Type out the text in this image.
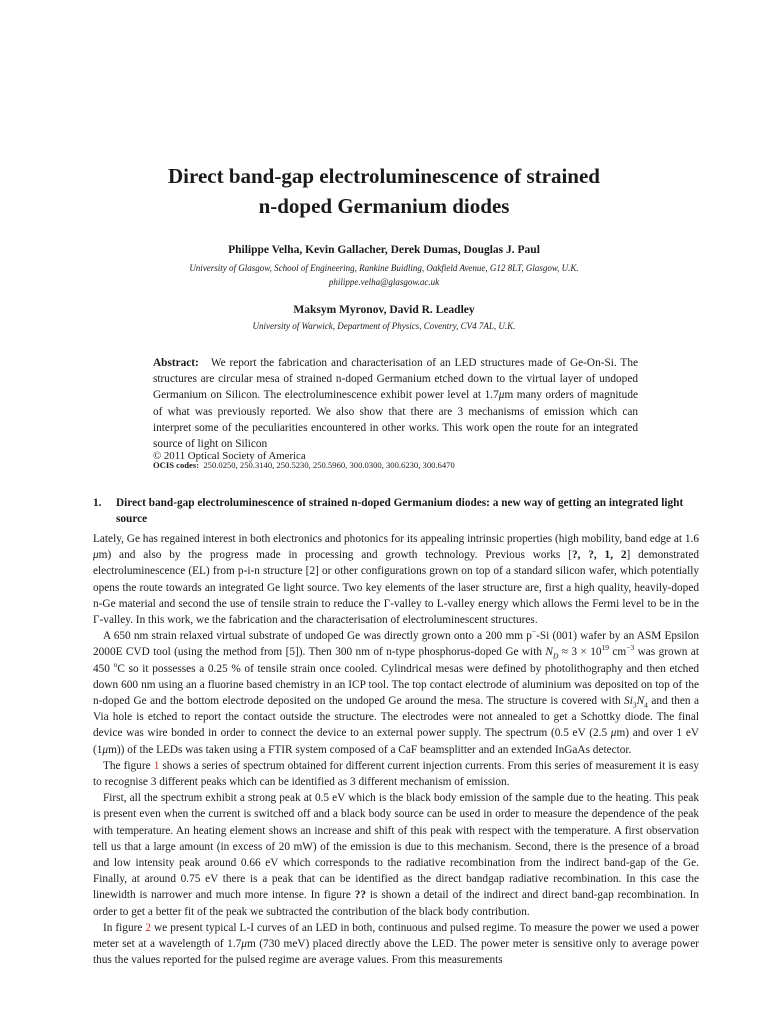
Direct band-gap electroluminescence of strained
n-doped Germanium diodes
Philippe Velha, Kevin Gallacher, Derek Dumas, Douglas J. Paul
University of Glasgow, School of Engineering, Rankine Buidling, Oakfield Avenue, G12 8LT, Glasgow, U.K.
philippe.velha@glasgow.ac.uk
Maksym Myronov, David R. Leadley
University of Warwick, Department of Physics, Coventry, CV4 7AL, U.K.
Abstract: We report the fabrication and characterisation of an LED structures made of Ge-On-Si. The structures are circular mesa of strained n-doped Germanium etched down to the virtual layer of undoped Germanium on Silicon. The electroluminescence exhibit power level at 1.7μm many orders of magnitude of what was previously reported. We also show that there are 3 mechanisms of emission which can interpret some of the peculiarities encountered in other works. This work open the route for an integrated source of light on Silicon
© 2011 Optical Society of America
OCIS codes: 250.0250, 250.3140, 250.5230, 250.5960, 300.0300, 300.6230, 300.6470
1.	Direct band-gap electroluminescence of strained n-doped Germanium diodes: a new way of getting an integrated light source

Lately, Ge has regained interest in both electronics and photonics for its appealing intrinsic properties (high mobility, band edge at 1.6 μm) and also by the progress made in processing and growth technology. Previous works [?, ?, 1, 2] demonstrated electroluminescence (EL) from p-i-n structure [2] or other configurations grown on top of a standard silicon wafer, which potentially opens the route towards an integrated Ge light source. Two key elements of the laser structure are, first a high quality, heavily-doped n-Ge material and second the use of tensile strain to reduce the Γ-valley to L-valley energy which allows the Fermi level to be in the Γ-valley. In this work, we the fabrication and the characterisation of electroluminescent structures.

A 650 nm strain relaxed virtual substrate of undoped Ge was directly grown onto a 200 mm p−-Si (001) wafer by an ASM Epsilon 2000E CVD tool (using the method from [5]). Then 300 nm of n-type phosphorus-doped Ge with $N_D \approx 3 \times 10^{19}$ $cm^{-3}$ was grown at 450 $^o$C so it possesses a 0.25 % of tensile strain once cooled. Cylindrical mesas were defined by photolithography and then etched down 600 nm using an a fluorine based chemistry in an ICP tool. The top contact electrode of aluminium was deposited on top of the n-doped Ge and the bottom electrode deposited on the undoped Ge around the mesa. The structure is covered with $Si_3N_4$ and then a Via hole is etched to report the contact outside the structure. The electrodes were not annealed to get a Schottky diode. The final device was wire bonded in order to connect the device to an external power supply. The spectrum (0.5 eV (2.5 μm) and over 1 eV (1μm)) of the LEDs was taken using a FTIR system composed of a CaF beamsplitter and an extended InGaAs detector.

The figure 1 shows a series of spectrum obtained for different current injection currents. From this series of measurement it is easy to recognise 3 different peaks which can be identified as 3 different mechanism of emission.

First, all the spectrum exhibit a strong peak at 0.5 eV which is the black body emission of the sample due to the heating. This peak is present even when the current is switched off and a black body source can be used in order to measure the dependence of the peak with temperature. An heating element shows an increase and shift of this peak with respect with the temperature. A first observation tell us that a large amount (in excess of 20 mW) of the emission is due to this mechanism. Second, there is the presence of a broad and low intensity peak around 0.66 eV which corresponds to the radiative recombination from the indirect band-gap of the Ge. Finally, at around 0.75 eV there is a peak that can be identified as the direct bandgap radiative recombination. In this case the linewidth is narrower and much more intense. In figure ?? is shown a detail of the indirect and direct band-gap recombination. In order to get a better fit of the peak we subtracted the contribution of the black body contribution.

In figure 2 we present typical L-I curves of an LED in both, continuous and pulsed regime. To measure the power we used a power meter set at a wavelength of 1.7μm (730 meV) placed directly above the LED. The power meter is sensitive only to average power thus the values reported for the pulsed regime are average values. From this measurements
